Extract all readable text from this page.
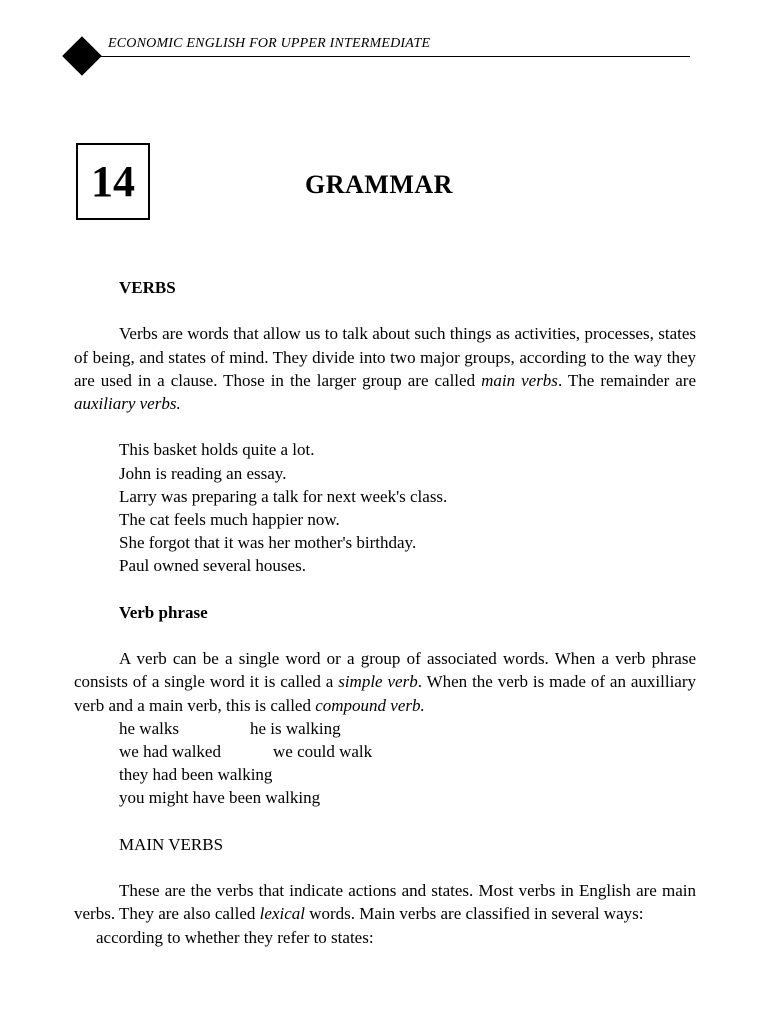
ECONOMIC ENGLISH FOR UPPER INTERMEDIATE
14	GRAMMAR
VERBS

Verbs are words that allow us to talk about such things as activities, processes, states of being, and states of mind. They divide into two major groups, according to the way they are used in a clause. Those in the larger group are called main verbs. The remainder are auxiliary verbs.

This basket holds quite a lot.
John is reading an essay.
Larry was preparing a talk for next week's class.
The cat feels much happier now.
She forgot that it was her mother's birthday.
Paul owned several houses.
Verb phrase

A verb can be a single word or a group of associated words. When a verb phrase consists of a single word it is called a simple verb. When the verb is made of an auxilliary verb and a main verb, this is called compound verb.

he walks	he is walking
we had walked	we could walk
they had been walking
you might have been walking
MAIN VERBS

These are the verbs that indicate actions and states. Most verbs in English are main verbs. They are also called lexical words. Main verbs are classified in several ways:

according to whether they refer to states:
